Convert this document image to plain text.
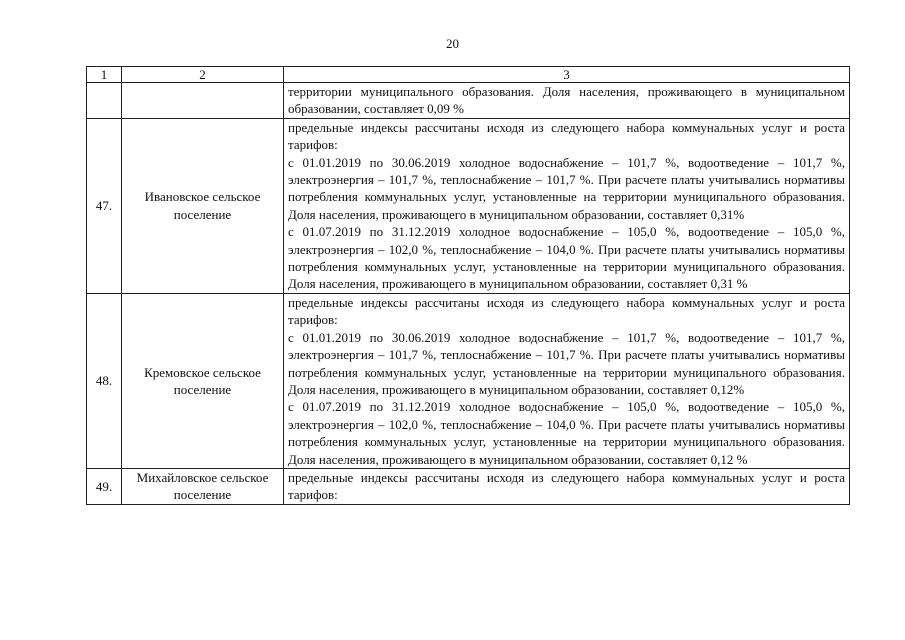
20
1	2	3

		территории муниципального образования. Доля населения, проживающего в муниципальном образовании, составляет 0,09 %

47.	Ивановское сельское поселение	предельные индексы рассчитаны исходя из следующего набора коммунальных услуг и роста тарифов:
с 01.01.2019 по 30.06.2019 холодное водоснабжение – 101,7 %, водоотведение – 101,7 %, электроэнергия – 101,7 %, теплоснабжение – 101,7 %. При расчете платы учитывались нормативы потребления коммунальных услуг, установленные на территории муниципального образования. Доля населения, проживающего в муниципальном образовании, составляет 0,31%
с 01.07.2019 по 31.12.2019 холодное водоснабжение – 105,0 %, водоотведение – 105,0 %, электроэнергия – 102,0 %, теплоснабжение – 104,0 %. При расчете платы учитывались нормативы потребления коммунальных услуг, установленные на территории муниципального образования. Доля населения, проживающего в муниципальном образовании, составляет 0,31 %

48.	Кремовское сельское поселение	предельные индексы рассчитаны исходя из следующего набора коммунальных услуг и роста тарифов:
с 01.01.2019 по 30.06.2019 холодное водоснабжение – 101,7 %, водоотведение – 101,7 %, электроэнергия – 101,7 %, теплоснабжение – 101,7 %. При расчете платы учитывались нормативы потребления коммунальных услуг, установленные на территории муниципального образования. Доля населения, проживающего в муниципальном образовании, составляет 0,12%
с 01.07.2019 по 31.12.2019 холодное водоснабжение – 105,0 %, водоотведение – 105,0 %, электроэнергия – 102,0 %, теплоснабжение – 104,0 %. При расчете платы учитывались нормативы потребления коммунальных услуг, установленные на территории муниципального образования. Доля населения, проживающего в муниципальном образовании, составляет 0,12 %

49.	Михайловское сельское поселение	предельные индексы рассчитаны исходя из следующего набора коммунальных услуг и роста тарифов:
